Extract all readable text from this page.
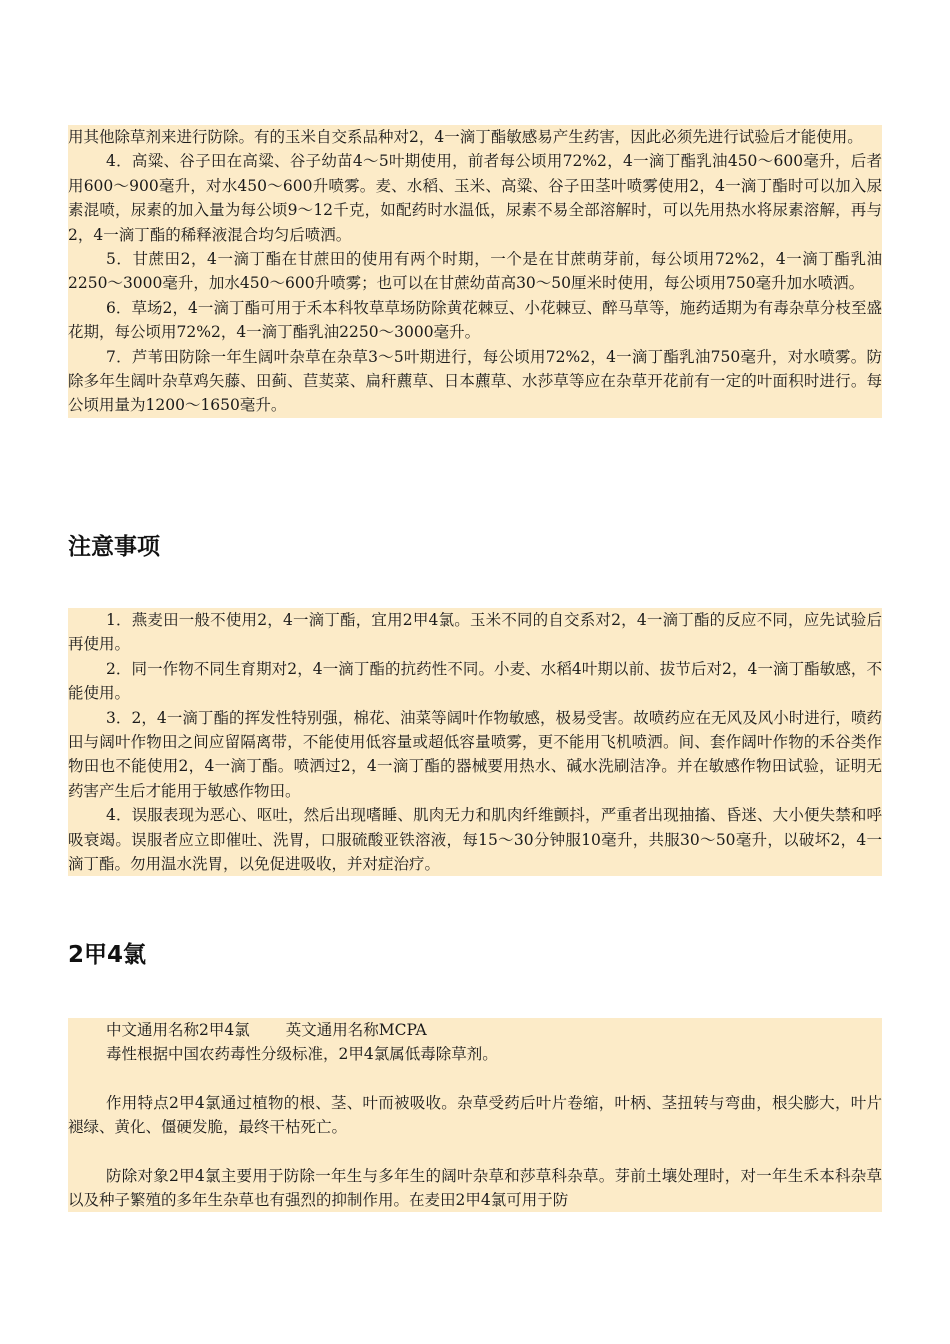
用其他除草剂来进行防除。有的玉米自交系品种对2，4一滴丁酯敏感易产生药害，因此必须先进行试验后才能使用。

4．高粱、谷子田在高粱、谷子幼苗4～5叶期使用，前者每公顷用72%2，4一滴丁酯乳油450～600毫升，后者用600～900毫升，对水450～600升喷雾。麦、水稻、玉米、高粱、谷子田茎叶喷雾使用2，4一滴丁酯时可以加入尿素混喷，尿素的加入量为每公顷9～12千克，如配药时水温低，尿素不易全部溶解时，可以先用热水将尿素溶解，再与2，4一滴丁酯的稀释液混合均匀后喷洒。

5．甘蔗田2，4一滴丁酯在甘蔗田的使用有两个时期，一个是在甘蔗萌芽前，每公顷用72%2，4一滴丁酯乳油2250～3000毫升，加水450～600升喷雾；也可以在甘蔗幼苗高30～50厘米时使用，每公顷用750毫升加水喷洒。

6．草场2，4一滴丁酯可用于禾本科牧草草场防除黄花棘豆、小花棘豆、醉马草等，施药适期为有毒杂草分枝至盛花期，每公顷用72%2，4一滴丁酯乳油2250～3000毫升。

7．芦苇田防除一年生阔叶杂草在杂草3～5叶期进行，每公顷用72%2，4一滴丁酯乳油750毫升，对水喷雾。防除多年生阔叶杂草鸡矢藤、田蓟、苣荬菜、扁秆藨草、日本藨草、水莎草等应在杂草开花前有一定的叶面积时进行。每公顷用量为1200～1650毫升。

注意事项

1．燕麦田一般不使用2，4一滴丁酯，宜用2甲4氯。玉米不同的自交系对2，4一滴丁酯的反应不同，应先试验后再使用。

2．同一作物不同生育期对2，4一滴丁酯的抗药性不同。小麦、水稻4叶期以前、拔节后对2，4一滴丁酯敏感，不能使用。

3．2，4一滴丁酯的挥发性特别强，棉花、油菜等阔叶作物敏感，极易受害。故喷药应在无风及风小时进行，喷药田与阔叶作物田之间应留隔离带，不能使用低容量或超低容量喷雾，更不能用飞机喷洒。间、套作阔叶作物的禾谷类作物田也不能使用2，4一滴丁酯。喷洒过2，4一滴丁酯的器械要用热水、碱水洗刷洁净。并在敏感作物田试验，证明无药害产生后才能用于敏感作物田。

4．误服表现为恶心、呕吐，然后出现嗜睡、肌肉无力和肌肉纤维颤抖，严重者出现抽搐、昏迷、大小便失禁和呼吸衰竭。误服者应立即催吐、洗胃，口服硫酸亚铁溶液，每15～30分钟服10毫升，共服30～50毫升，以破坏2，4一滴丁酯。勿用温水洗胃，以免促进吸收，并对症治疗。

2甲4氯

中文通用名称2甲4氯 英文通用名称MCPA

毒性根据中国农药毒性分级标准，2甲4氯属低毒除草剂。

作用特点2甲4氯通过植物的根、茎、叶而被吸收。杂草受药后叶片卷缩，叶柄、茎扭转与弯曲，根尖膨大，叶片褪绿、黄化、僵硬发脆，最终干枯死亡。

防除对象2甲4氯主要用于防除一年生与多年生的阔叶杂草和莎草科杂草。芽前土壤处理时，对一年生禾本科杂草以及种子繁殖的多年生杂草也有强烈的抑制作用。在麦田2甲4氯可用于防
